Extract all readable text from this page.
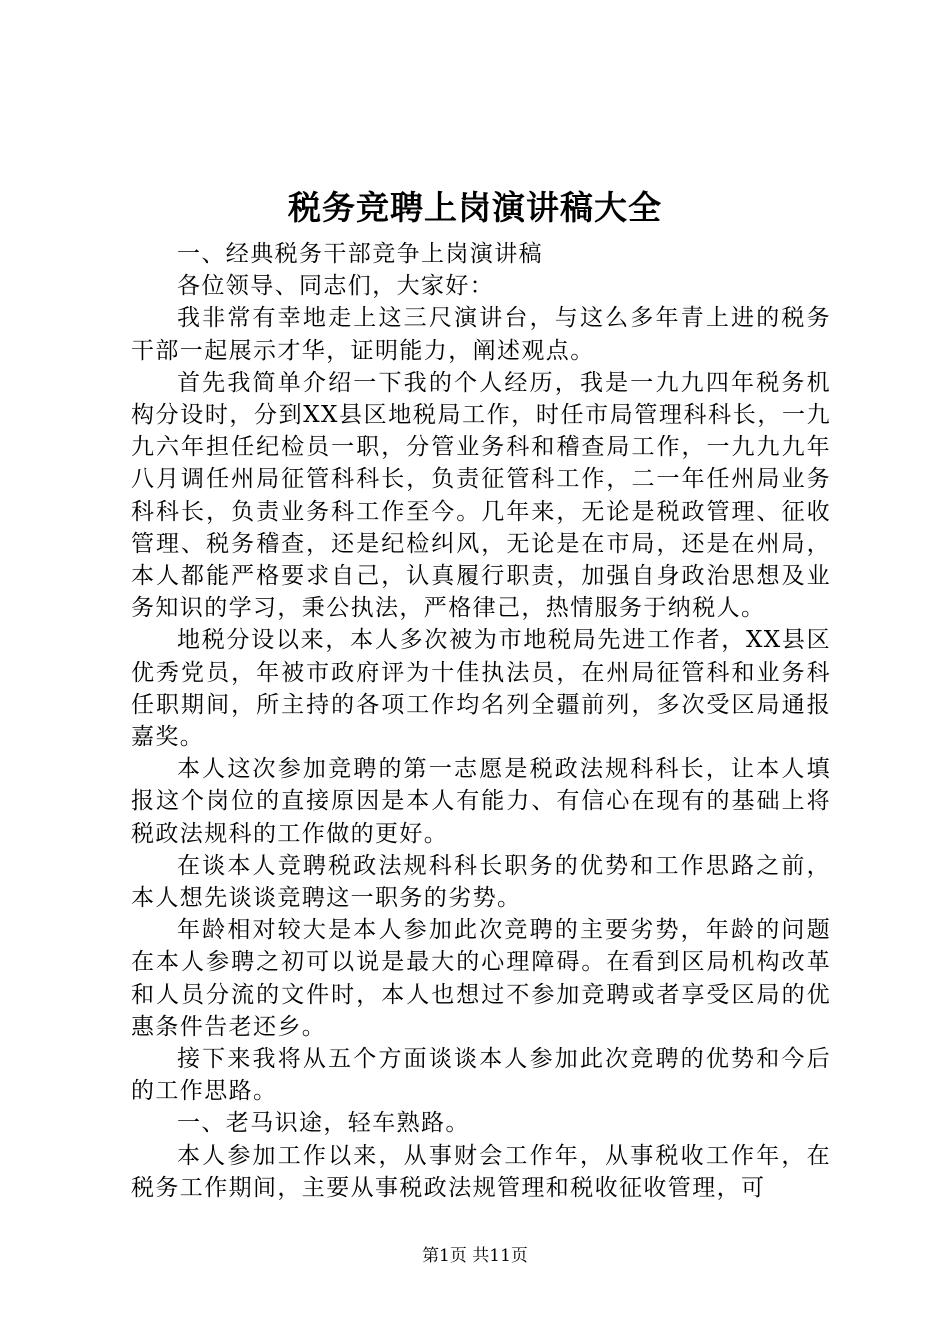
税务竞聘上岗演讲稿大全

一、经典税务干部竞争上岗演讲稿

各位领导、同志们，大家好：

我非常有幸地走上这三尺演讲台，与这么多年青上进的税务干部一起展示才华，证明能力，阐述观点。

首先我简单介绍一下我的个人经历，我是一九九四年税务机构分设时，分到XX县区地税局工作，时任市局管理科科长，一九九六年担任纪检员一职，分管业务科和稽查局工作，一九九九年八月调任州局征管科科长，负责征管科工作，二一年任州局业务科科长，负责业务科工作至今。几年来，无论是税政管理、征收管理、税务稽查，还是纪检纠风，无论是在市局，还是在州局，本人都能严格要求自己，认真履行职责，加强自身政治思想及业务知识的学习，秉公执法，严格律己，热情服务于纳税人。

地税分设以来，本人多次被为市地税局先进工作者，XX县区优秀党员，年被市政府评为十佳执法员，在州局征管科和业务科任职期间，所主持的各项工作均名列全疆前列，多次受区局通报嘉奖。

本人这次参加竞聘的第一志愿是税政法规科科长，让本人填报这个岗位的直接原因是本人有能力、有信心在现有的基础上将税政法规科的工作做的更好。

在谈本人竞聘税政法规科科长职务的优势和工作思路之前，本人想先谈谈竞聘这一职务的劣势。

年龄相对较大是本人参加此次竞聘的主要劣势，年龄的问题在本人参聘之初可以说是最大的心理障碍。在看到区局机构改革和人员分流的文件时，本人也想过不参加竞聘或者享受区局的优惠条件告老还乡。

接下来我将从五个方面谈谈本人参加此次竞聘的优势和今后的工作思路。

一、老马识途，轻车熟路。

本人参加工作以来，从事财会工作年，从事税收工作年，在税务工作期间，主要从事税政法规管理和税收征收管理，可

第1页 共11页
